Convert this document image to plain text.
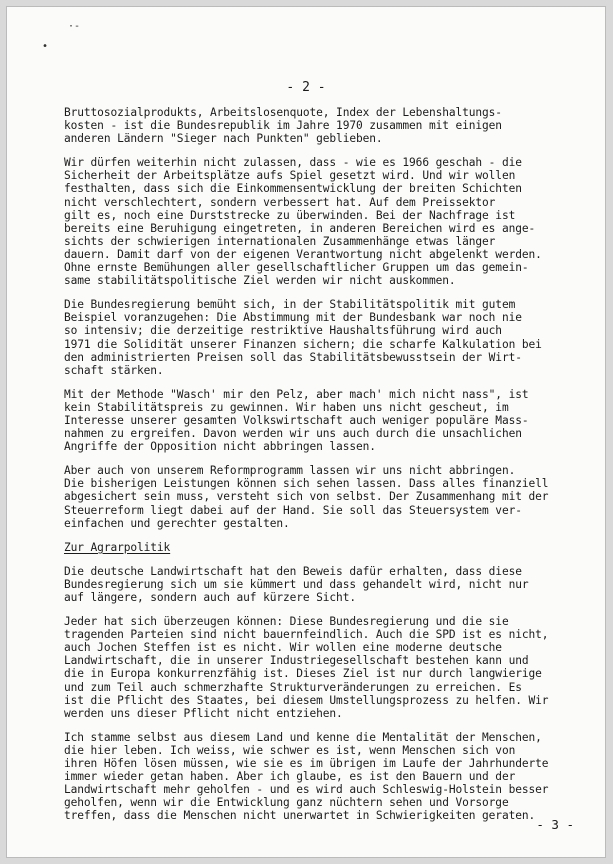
·‐
•
- 2 -

Bruttosozialprodukts, Arbeitslosenquote, Index der Lebenshaltungs-
kosten - ist die Bundesrepublik im Jahre 1970 zusammen mit einigen
anderen Ländern "Sieger nach Punkten" geblieben.

Wir dürfen weiterhin nicht zulassen, dass - wie es 1966 geschah - die
Sicherheit der Arbeitsplätze aufs Spiel gesetzt wird. Und wir wollen
festhalten, dass sich die Einkommensentwicklung der breiten Schichten
nicht verschlechtert, sondern verbessert hat. Auf dem Preissektor
gilt es, noch eine Durststrecke zu überwinden. Bei der Nachfrage ist
bereits eine Beruhigung eingetreten, in anderen Bereichen wird es ange-
sichts der schwierigen internationalen Zusammenhänge etwas länger
dauern. Damit darf von der eigenen Verantwortung nicht abgelenkt werden.
Ohne ernste Bemühungen aller gesellschaftlicher Gruppen um das gemein-
same stabilitätspolitische Ziel werden wir nicht auskommen.

Die Bundesregierung bemüht sich, in der Stabilitätspolitik mit gutem
Beispiel voranzugehen: Die Abstimmung mit der Bundesbank war noch nie
so intensiv; die derzeitige restriktive Haushaltsführung wird auch
1971 die Solidität unserer Finanzen sichern; die scharfe Kalkulation bei
den administrierten Preisen soll das Stabilitätsbewusstsein der Wirt-
schaft stärken.

Mit der Methode "Wasch' mir den Pelz, aber mach' mich nicht nass", ist
kein Stabilitätspreis zu gewinnen. Wir haben uns nicht gescheut, im
Interesse unserer gesamten Volkswirtschaft auch weniger populäre Mass-
nahmen zu ergreifen. Davon werden wir uns auch durch die unsachlichen
Angriffe der Opposition nicht abbringen lassen.

Aber auch von unserem Reformprogramm lassen wir uns nicht abbringen.
Die bisherigen Leistungen können sich sehen lassen. Dass alles finanziell
abgesichert sein muss, versteht sich von selbst. Der Zusammenhang mit der
Steuerreform liegt dabei auf der Hand. Sie soll das Steuersystem ver-
einfachen und gerechter gestalten.

Zur Agrarpolitik

Die deutsche Landwirtschaft hat den Beweis dafür erhalten, dass diese
Bundesregierung sich um sie kümmert und dass gehandelt wird, nicht nur
auf längere, sondern auch auf kürzere Sicht.

Jeder hat sich überzeugen können: Diese Bundesregierung und die sie
tragenden Parteien sind nicht bauernfeindlich. Auch die SPD ist es nicht,
auch Jochen Steffen ist es nicht. Wir wollen eine moderne deutsche
Landwirtschaft, die in unserer Industriegesellschaft bestehen kann und
die in Europa konkurrenzfähig ist. Dieses Ziel ist nur durch langwierige
und zum Teil auch schmerzhafte Strukturveränderungen zu erreichen. Es
ist die Pflicht des Staates, bei diesem Umstellungsprozess zu helfen. Wir
werden uns dieser Pflicht nicht entziehen.

Ich stamme selbst aus diesem Land und kenne die Mentalität der Menschen,
die hier leben. Ich weiss, wie schwer es ist, wenn Menschen sich von
ihren Höfen lösen müssen, wie sie es im übrigen im Laufe der Jahrhunderte
immer wieder getan haben. Aber ich glaube, es ist den Bauern und der
Landwirtschaft mehr geholfen - und es wird auch Schleswig-Holstein besser
geholfen, wenn wir die Entwicklung ganz nüchtern sehen und Vorsorge
treffen, dass die Menschen nicht unerwartet in Schwierigkeiten geraten.

- 3 -
